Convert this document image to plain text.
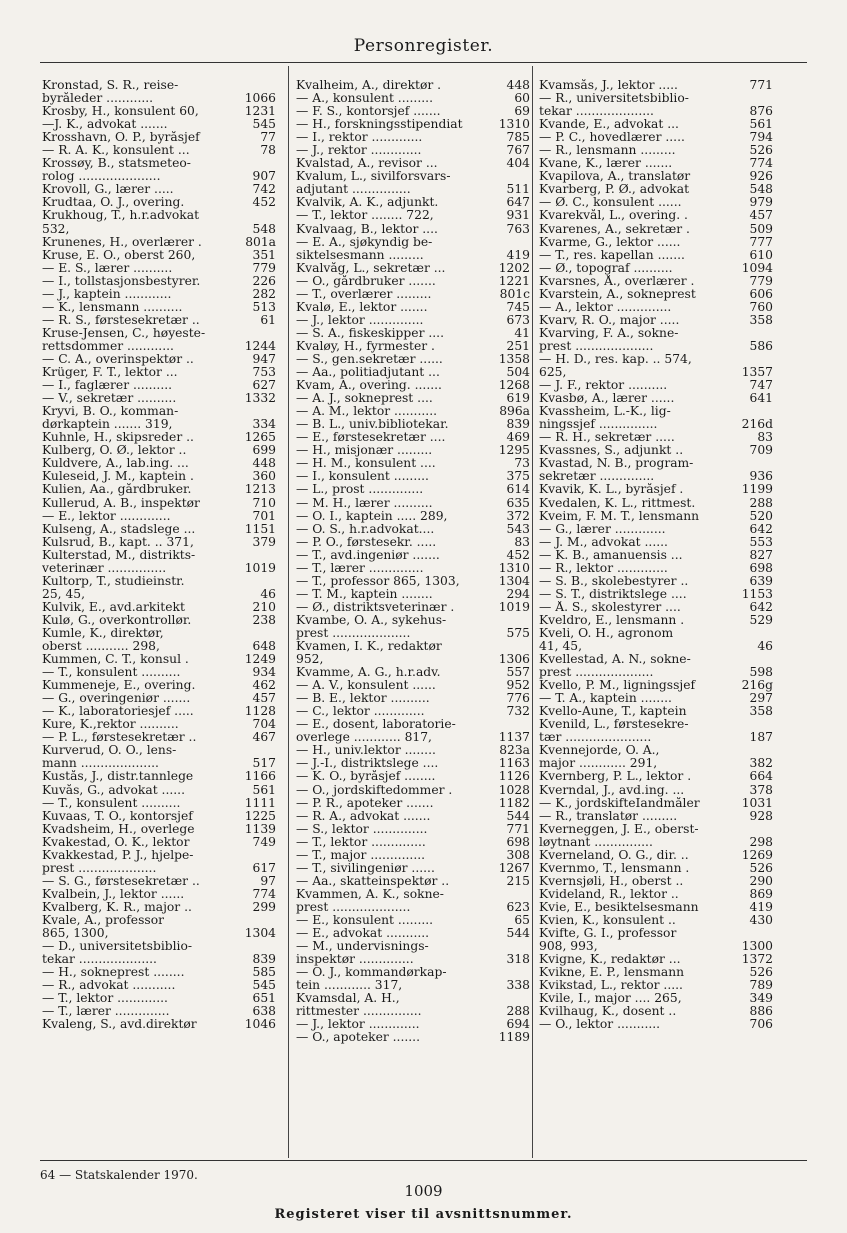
Personregister.
Kronstad, S. R., reise-
byråleder ............	1066
Krosby, H., konsulent 60,	1231
—J. K., advokat .......	545
Krosshavn, O. P., byråsjef	77
— R. A. K., konsulent ...	78
Krossøy, B., statsmeteo-
rolog .....................	907
Krovoll, G., lærer .....	742
Krudtaa, O. J., overing.	452
Krukhoug, T., h.r.advokat
532,	548
Krunenes, H., overlærer .	801a
Kruse, E. O., oberst 260,	351
— E. S., lærer ..........	779
— I., tollstasjonsbestyrer.	226
— J., kaptein ............	282
— K., lensmann ..........	513
— R. S., førstesekretær ..	61
Kruse-Jensen, C., høyeste-
rettsdommer ............	1244
— C. A., overinspektør ..	947
Krüger, F. T., lektor ...	753
— I., faglærer ..........	627
— V., sekretær ..........	1332
Kryvi, B. O., komman-
dørkaptein ....... 319,	334
Kuhnle, H., skipsreder ..	1265
Kulberg, O. Ø., lektor ..	699
Kuldvere, A., lab.ing. ...	448
Kuleseid, J. M., kaptein .	360
Kulien, Aa., gårdbruker.	1213
Kullerud, A. B., inspektør	710
— E., lektor .............	701
Kulseng, A., stadslege ...	1151
Kulsrud, B., kapt. .. 371,	379
Kulterstad, M., distrikts-
veterinær ...............	1019
Kultorp, T., studieinstr.
25, 45,	46
Kulvik, E., avd.arkitekt	210
Kulø, G., overkontrollør.	238
Kumle, K., direktør,
oberst ........... 298,	648
Kummen, C. T., konsul .	1249
— T., konsulent ..........	934
Kummeneje, E., overing.	462
— G., overingeniør .......	457
— K., laboratoriesjef .....	1128
Kure, K.,rektor ..........	704
— P. L., førstesekretær ..	467
Kurverud, O. O., lens-
mann ....................	517
Kustås, J., distr.tannlege	1166
Kuvås, G., advokat ......	561
— T., konsulent ..........	1111
Kuvaas, T. O., kontorsjef	1225
Kvadsheim, H., overlege	1139
Kvakestad, O. K., lektor	749
Kvakkestad, P. J., hjelpe-
prest ....................	617
— S. G., førstesekretær ..	97
Kvalbein, J., lektor ......	774
Kvalberg, K. R., major ..	299
Kvale, A., professor
865, 1300,	1304
— D., universitetsbiblio-
tekar ....................	839
— H., sokneprest ........	585
— R., advokat ...........	545
— T., lektor .............	651
— T., lærer ..............	638
Kvaleng, S., avd.direktør	1046
Kvalheim, A., direktør .	448
— A., konsulent .........	60
— F. S., kontorsjef .......	69
— H., forskningsstipendiat	1310
— I., rektor .............	785
— J., rektor .............	767
Kvalstad, A., revisor ...	404
Kvalum, L., sivilforsvars-
adjutant ...............	511
Kvalvik, A. K., adjunkt.	647
— T., lektor ........ 722,	931
Kvalvaag, B., lektor ....	763
— E. A., sjøkyndig be-
siktelsesmann .........	419
Kvalvåg, L., sekretær ...	1202
— O., gårdbruker .......	1221
— T., overlærer .........	801c
Kvalø, E., lektor .......	745
— J., lektor ..............	673
— S. A., fiskeskipper ....	41
Kvaløy, H., fyrmester .	251
— S., gen.sekretær ......	1358
— Aa., politiadjutant ...	504
Kvam, A., overing. .......	1268
— A. J., sokneprest ....	619
— A. M., lektor ...........	896a
— B. L., univ.bibliotekar.	839
— E., førstesekretær ....	469
— H., misjonær .........	1295
— H. M., konsulent ....	73
— I., konsulent .........	375
— L., prost ..............	614
— M. H., lærer ..........	635
— O. I., kaptein ..... 289,	372
— O. S., h.r.advokat....	543
— P. O., førstesekr. .....	83
— T., avd.ingeniør .......	452
— T., lærer ..............	1310
— T., professor 865, 1303,	1304
— T. M., kaptein ........	294
— Ø., distriktsveterinær .	1019
Kvambe, O. A., sykehus-
prest ....................	575
Kvamen, I. K., redaktør
952,	1306
Kvamme, A. G., h.r.adv.	557
— A. V., konsulent ......	952
— B. E., lektor ..........	776
— C., lektor .............	732
— E., dosent, laboratorie-
overlege ............ 817,	1137
— H., univ.lektor ........	823a
— J.-I., distriktslege ....	1163
— K. O., byråsjef ........	1126
— O., jordskiftedommer .	1028
— P. R., apoteker .......	1182
— R. A., advokat .......	544
— S., lektor ..............	771
— T., lektor ..............	698
— T., major ..............	308
— T., sivilingeniør ......	1267
— Aa., skatteinspektør ..	215
Kvammen, A. K., sokne-
prest ....................	623
— E., konsulent .........	65
— E., advokat ...........	544
— M., undervisnings-
inspektør ..............	318
— O. J., kommandørkap-
tein ............ 317,	338
Kvamsdal, A. H.,
rittmester ...............	288
— J., lektor .............	694
— O., apoteker .......	1189
Kvamsås, J., lektor .....	771
— R., universitetsbiblio-
tekar ....................	876
Kvande, E., advokat ...	561
— P. C., hovedlærer .....	794
— R., lensmann .........	526
Kvane, K., lærer .......	774
Kvapilova, A., translatør	926
Kvarberg, P. Ø., advokat	548
— Ø. C., konsulent ......	979
Kvarekvål, L., overing. .	457
Kvarenes, A., sekretær .	509
Kvarme, G., lektor ......	777
— T., res. kapellan .......	610
— Ø., topograf ..........	1094
Kvarsnes, Å., overlærer .	779
Kvarstein, A., sokneprest	606
— A., lektor ..............	760
Kvarv, R. O., major .....	358
Kvarving, F. A., sokne-
prest ....................	586
— H. D., res. kap. .. 574,
625,	1357
— J. F., rektor ..........	747
Kvasbø, A., lærer ......	641
Kvassheim, L.-K., lig-
ningssjef ...............	216d
— R. H., sekretær .....	83
Kvassnes, S., adjunkt ..	709
Kvastad, N. B., program-
sekretær ..............	936
Kvavik, K. L., byråsjef .	1199
Kvedalen, K. L., rittmest.	288
Kveim, F. M. T., lensmann	520
— G., lærer .............	642
— J. M., advokat ......	553
— K. B., amanuensis ...	827
— R., lektor .............	698
— S. B., skolebestyrer ..	639
— S. T., distriktslege ....	1153
— Å. S., skolestyrer ....	642
Kveldro, E., lensmann .	529
Kveli, O. H., agronom
41, 45,	46
Kvellestad, A. N., sokne-
prest ....................	598
Kvello, P. M., ligningssjef	216g
— T. A., kaptein ........	297
Kvello-Aune, T., kaptein	358
Kvenild, L., førstesekre-
tær ......................	187
Kvennejorde, O. A.,
major ............ 291,	382
Kvernberg, P. L., lektor .	664
Kverndal, J., avd.ing. ...	378
— K., jordskifteIandmåler	1031
— R., translatør .........	928
Kverneggen, J. E., oberst-
løytnant ...............	298
Kverneland, O. G., dir. ..	1269
Kvernmo, T., lensmann .	526
Kvernsjøli, H., oberst ..	290
Kvideland, R., lektor ..	869
Kvie, E., besiktelsesmann	419
Kvien, K., konsulent ..	430
Kvifte, G. I., professor
908, 993,	1300
Kvigne, K., redaktør ...	1372
Kvikne, E. P., lensmann	526
Kvikstad, L., rektor .....	789
Kvile, I., major .... 265,	349
Kvilhaug, K., dosent ..	886
— O., lektor ...........	706
64 — Statskalender 1970.
1009
Registeret viser til avsnittsnummer.
